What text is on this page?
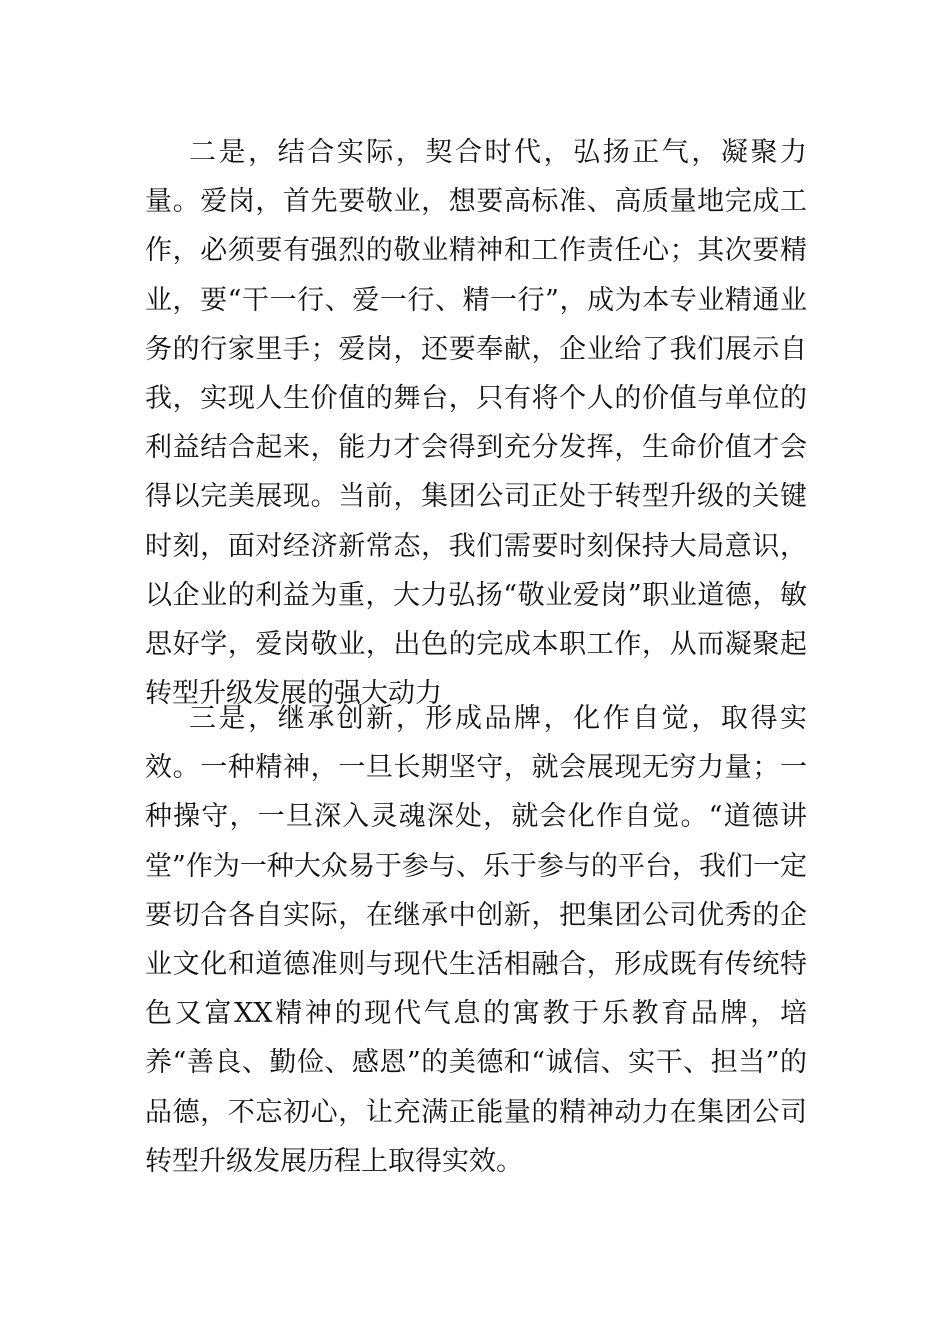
二是，结合实际，契合时代，弘扬正气，凝聚力量。爱岗，首先要敬业，想要高标准、高质量地完成工作，必须要有强烈的敬业精神和工作责任心；其次要精业，要“干一行、爱一行、精一行”，成为本专业精通业务的行家里手；爱岗，还要奉献，企业给了我们展示自我，实现人生价值的舞台，只有将个人的价值与单位的利益结合起来，能力才会得到充分发挥，生命价值才会得以完美展现。当前，集团公司正处于转型升级的关键时刻，面对经济新常态，我们需要时刻保持大局意识，以企业的利益为重，大力弘扬“敬业爱岗”职业道德，敏思好学，爱岗敬业，出色的完成本职工作，从而凝聚起转型升级发展的强大动力

三是，继承创新，形成品牌，化作自觉，取得实效。一种精神，一旦长期坚守，就会展现无穷力量；一种操守，一旦深入灵魂深处，就会化作自觉。“道德讲堂”作为一种大众易于参与、乐于参与的平台，我们一定要切合各自实际，在继承中创新，把集团公司优秀的企业文化和道德准则与现代生活相融合，形成既有传统特色又富XX精神的现代气息的寓教于乐教育品牌，培养“善良、勤俭、感恩”的美德和“诚信、实干、担当”的品德，不忘初心，让充满正能量的精神动力在集团公司转型升级发展历程上取得实效。
